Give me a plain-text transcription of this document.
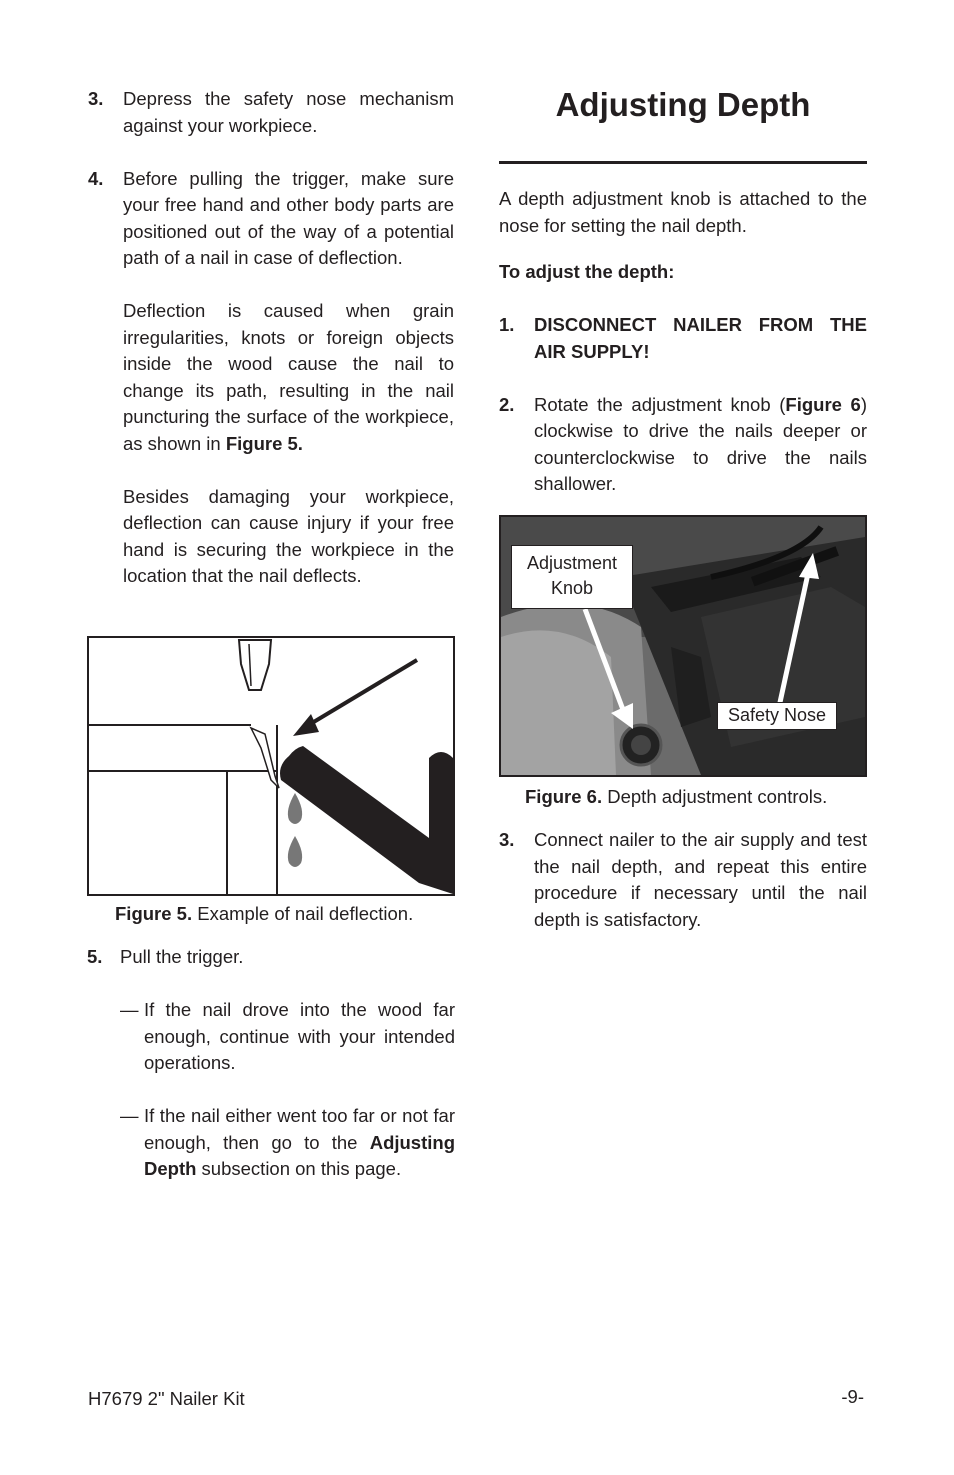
3.	Depress the safety nose mechanism against your workpiece.

4.	Before pulling the trigger, make sure your free hand and other body parts are positioned out of the way of a potential path of a nail in case of deflection.

Deflection is caused when grain irregularities, knots or foreign objects inside the wood cause the nail to change its path, resulting in the nail puncturing the surface of the workpiece, as shown in Figure 5.

Besides damaging your workpiece, deflection can cause injury if your free hand is securing the workpiece in the location that the nail deflects.

Figure 5. Example of nail deflection.
5. Pull the trigger.

— If the nail drove into the wood far enough, continue with your intended operations.

— If the nail either went too far or not far enough, then go to the Adjusting Depth subsection on this page.

Adjusting Depth

A depth adjustment knob is attached to the nose for setting the nail depth.

To adjust the depth:

1.	DISCONNECT NAILER FROM THE AIR SUPPLY!

2.	Rotate the adjustment knob (Figure 6) clockwise to drive the nails deeper or counterclockwise to drive the nails shallower.

Adjustment
Knob
Safety Nose
Figure 6. Depth adjustment controls.
3.	Connect nailer to the air supply and test the nail depth, and repeat this entire procedure if necessary until the nail depth is satisfactory.

H7679 2" Nailer Kit	-9-
